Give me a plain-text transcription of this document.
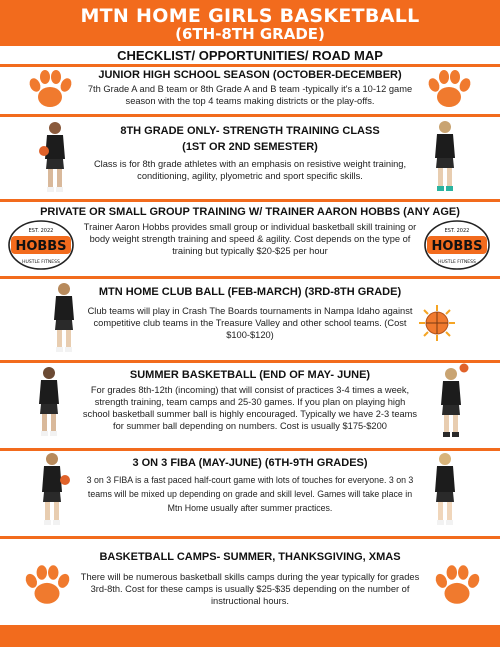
MTN HOME GIRLS BASKETBALL
(6TH-8TH GRADE)
CHECKLIST/ OPPORTUNITIES/ ROAD MAP
JUNIOR HIGH SCHOOL SEASON (OCTOBER-DECEMBER)
7th Grade A and B team or 8th Grade A and B team -typically it's a 10-12 game season with the top 4 teams making districts or the play-offs.
8TH GRADE ONLY- STRENGTH TRAINING CLASS
(1ST OR 2ND SEMESTER)
Class is for 8th grade athletes with an emphasis on resistive weight training, conditioning, agility, plyometric and sport specific skills.
PRIVATE OR SMALL GROUP TRAINING W/ TRAINER AARON HOBBS (ANY AGE)
Trainer Aaron Hobbs provides small group or individual basketball skill training or body weight strength training and speed & agility. Cost depends on the type of training but typically $20-$25 per hour
HOBBS
EST. 2022
HUSTLE FITNESS
HOBBS
EST. 2022
HUSTLE FITNESS
MTN HOME CLUB BALL (FEB-MARCH) (3RD-8TH GRADE)
Club teams will play in Crash The Boards tournaments in Nampa Idaho against competitive club teams in the Treasure Valley and other school teams. (Cost $100-$120)
SUMMER BASKETBALL (END OF MAY- JUNE)
For grades 8th-12th (incoming) that will consist of practices 3-4 times a week, strength training, team camps and 25-30 games. If you plan on playing high school basketball summer ball is highly encouraged. Typically we have 2-3 teams for summer ball depending on numbers. Cost is usually $175-$200
3 ON 3 FIBA (MAY-JUNE) (6TH-9TH GRADES)
3 on 3 FIBA is a fast paced half-court game with lots of touches for everyone. 3 on 3 teams will be mixed up depending on grade and skill level. Games will take place in Mtn Home usually after summer practices.
BASKETBALL CAMPS- SUMMER, THANKSGIVING, XMAS
There will be numerous basketball skills camps during the year typically for grades 3rd-8th. Cost for these camps is usually $25-$35 depending on the number of instructional hours.
